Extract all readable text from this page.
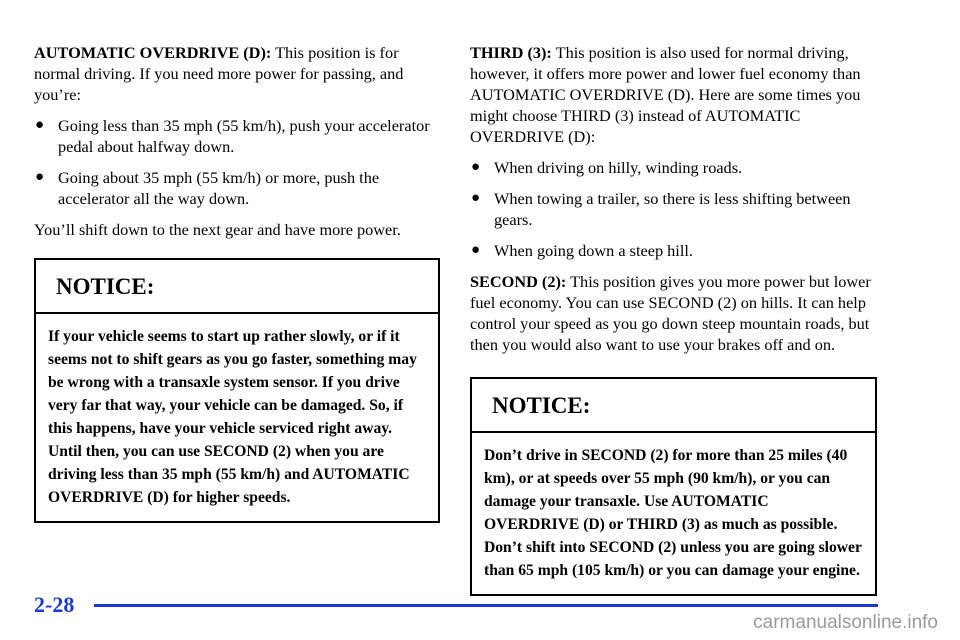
AUTOMATIC OVERDRIVE (D): This position is for normal driving. If you need more power for passing, and you’re:

● Going less than 35 mph (55 km/h), push your accelerator pedal about halfway down.
● Going about 35 mph (55 km/h) or more, push the accelerator all the way down.

You’ll shift down to the next gear and have more power.

NOTICE:
If your vehicle seems to start up rather slowly, or if it seems not to shift gears as you go faster, something may be wrong with a transaxle system sensor. If you drive very far that way, your vehicle can be damaged. So, if this happens, have your vehicle serviced right away. Until then, you can use SECOND (2) when you are driving less than 35 mph (55 km/h) and AUTOMATIC OVERDRIVE (D) for higher speeds.

THIRD (3): This position is also used for normal driving, however, it offers more power and lower fuel economy than AUTOMATIC OVERDRIVE (D). Here are some times you might choose THIRD (3) instead of AUTOMATIC OVERDRIVE (D):

● When driving on hilly, winding roads.
● When towing a trailer, so there is less shifting between gears.
● When going down a steep hill.

SECOND (2): This position gives you more power but lower fuel economy. You can use SECOND (2) on hills. It can help control your speed as you go down steep mountain roads, but then you would also want to use your brakes off and on.

NOTICE:
Don’t drive in SECOND (2) for more than 25 miles (40 km), or at speeds over 55 mph (90 km/h), or you can damage your transaxle. Use AUTOMATIC OVERDRIVE (D) or THIRD (3) as much as possible. Don’t shift into SECOND (2) unless you are going slower than 65 mph (105 km/h) or you can damage your engine.
2-28
carmanualsonline.info
